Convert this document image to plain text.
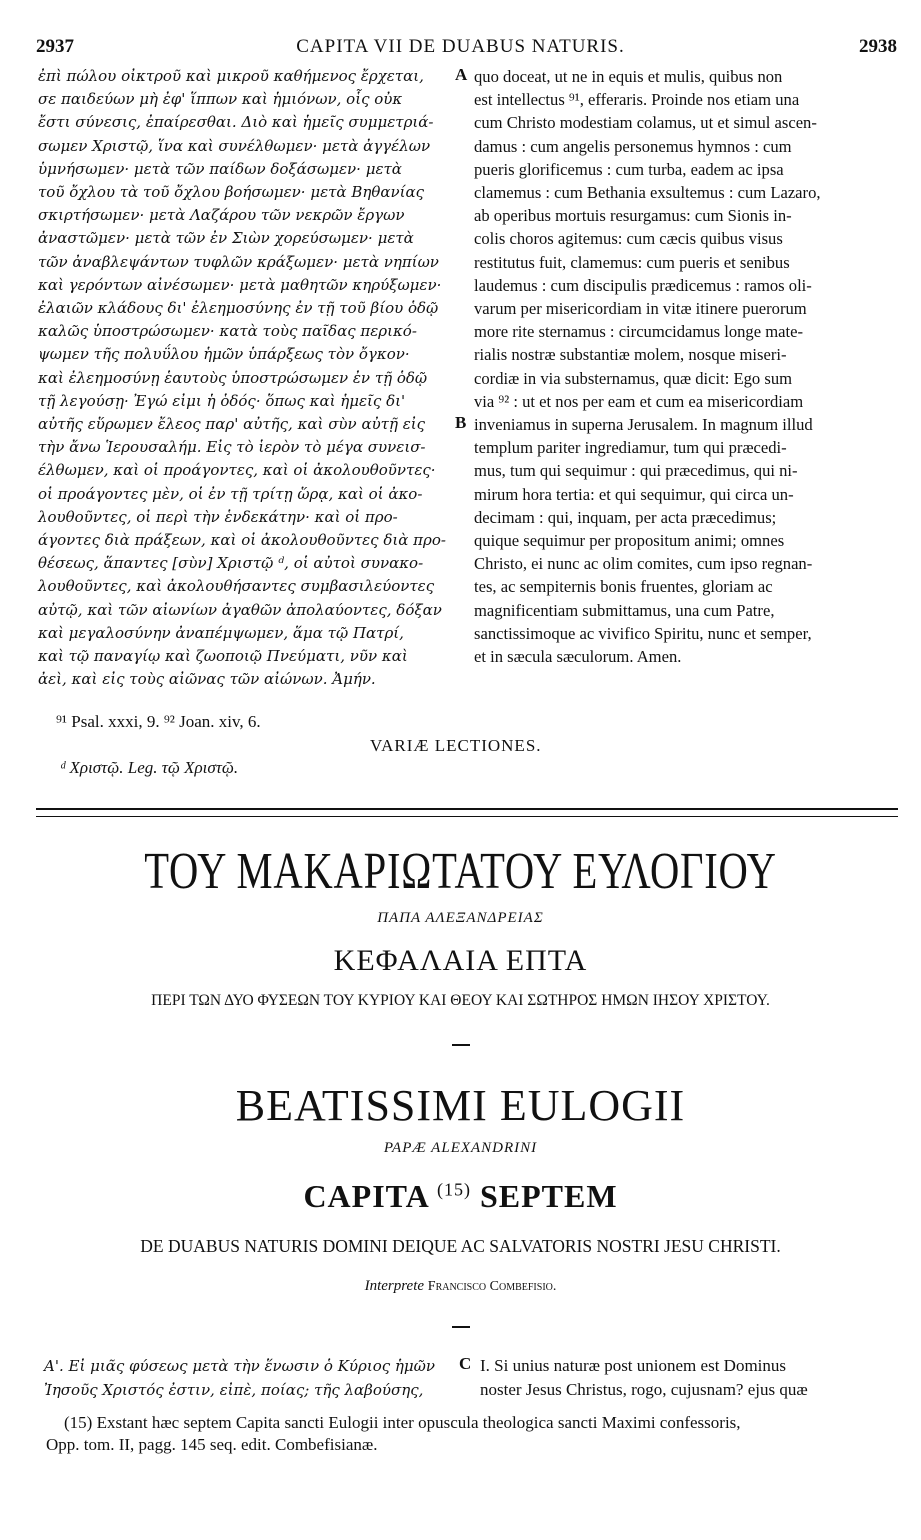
2937	CAPITA VII DE DUABUS NATURIS.	2938

ἐπὶ πώλου οἰκτροῦ καὶ μικροῦ καθήμενος ἔρχεται,

σε παιδεύων μὴ ἐφ' ἵππων καὶ ἡμιόνων, οἷς οὐκ

ἔστι σύνεσις, ἐπαίρεσθαι. Διὸ καὶ ἡμεῖς συμμετριά-

σωμεν Χριστῷ, ἵνα καὶ συνέλθωμεν· μετὰ ἀγγέλων

ὑμνήσωμεν· μετὰ τῶν παίδων δοξάσωμεν· μετὰ

τοῦ ὄχλου τὰ τοῦ ὄχλου βοήσωμεν· μετὰ Βηθανίας

σκιρτήσωμεν· μετὰ Λαζάρου τῶν νεκρῶν ἔργων

ἀναστῶμεν· μετὰ τῶν ἐν Σιὼν χορεύσωμεν· μετὰ

τῶν ἀναβλεψάντων τυφλῶν κράξωμεν· μετὰ νηπίων

καὶ γερόντων αἰνέσωμεν· μετὰ μαθητῶν κηρύξωμεν·

ἐλαιῶν κλάδους δι' ἐλεημοσύνης ἐν τῇ τοῦ βίου ὁδῷ

καλῶς ὑποστρώσωμεν· κατὰ τοὺς παῖδας περικό-

ψωμεν τῆς πολυΰλου ἡμῶν ὑπάρξεως τὸν ὄγκον·

καὶ ἐλεημοσύνῃ ἑαυτοὺς ὑποστρώσωμεν ἐν τῇ ὁδῷ

τῇ λεγούσῃ· Ἐγώ εἰμι ἡ ὁδός· ὅπως καὶ ἡμεῖς δι'

αὐτῆς εὕρωμεν ἔλεος παρ' αὐτῆς, καὶ σὺν αὐτῇ εἰς

τὴν ἄνω Ἱερουσαλήμ. Εἰς τὸ ἱερὸν τὸ μέγα συνεισ-

έλθωμεν, καὶ οἱ προάγοντες, καὶ οἱ ἀκολουθοῦντες·

οἱ προάγοντες μὲν, οἱ ἐν τῇ τρίτῃ ὥρᾳ, καὶ οἱ ἀκο-

λουθοῦντες, οἱ περὶ τὴν ἑνδεκάτην· καὶ οἱ προ-

άγοντες διὰ πράξεων, καὶ οἱ ἀκολουθοῦντες διὰ προ-

θέσεως, ἅπαντες [σὺν] Χριστῷ ᵈ, οἱ αὐτοὶ συνακο-

λουθοῦντες, καὶ ἀκολουθήσαντες συμβασιλεύοντες

αὐτῷ, καὶ τῶν αἰωνίων ἀγαθῶν ἀπολαύοντες, δόξαν

καὶ μεγαλοσύνην ἀναπέμψωμεν, ἅμα τῷ Πατρί,

καὶ τῷ παναγίῳ καὶ ζωοποιῷ Πνεύματι, νῦν καὶ

ἀεὶ, καὶ εἰς τοὺς αἰῶνας τῶν αἰώνων. Ἀμήν.

A
B

quo doceat, ut ne in equis et mulis, quibus non

est intellectus ⁹¹, efferaris. Proinde nos etiam una

cum Christo modestiam colamus, ut et simul ascen-

damus : cum angelis personemus hymnos : cum

pueris glorificemus : cum turba, eadem ac ipsa

clamemus : cum Bethania exsultemus : cum Lazaro,

ab operibus mortuis resurgamus: cum Sionis in-

colis choros agitemus: cum cæcis quibus visus

restitutus fuit, clamemus: cum pueris et senibus

laudemus : cum discipulis prædicemus : ramos oli-

varum per misericordiam in vitæ itinere puerorum

more rite sternamus : circumcidamus longe mate-

rialis nostræ substantiæ molem, nosque miseri-

cordiæ in via substernamus, quæ dicit: Ego sum

via ⁹² : ut et nos per eam et cum ea misericordiam

inveniamus in superna Jerusalem. In magnum illud

templum pariter ingrediamur, tum qui præcedi-

mus, tum qui sequimur : qui præcedimus, qui ni-

mirum hora tertia: et qui sequimur, qui circa un-

decimam : qui, inquam, per acta præcedimus;

quique sequimur per propositum animi; omnes

Christo, ei nunc ac olim comites, cum ipso regnan-

tes, ac sempiternis bonis fruentes, gloriam ac

magnificentiam submittamus, una cum Patre,

sanctissimoque ac vivifico Spiritu, nunc et semper,

et in sæcula sæculorum. Amen.

⁹¹ Psal. xxxi, 9. ⁹² Joan. xiv, 6.
VARIÆ LECTIONES.
ᵈ Χριστῷ. Leg. τῷ Χριστῷ.
ΤΟΥ ΜΑΚΑΡΙΩΤΑΤΟΥ ΕΥΛΟΓΙΟΥ
ΠΑΠΑ ΑΛΕΞΑΝΔΡΕΙΑΣ
ΚΕΦΑΛΑΙΑ ΕΠΤΑ
ΠΕΡΙ ΤΩΝ ΔΥΟ ΦΥΣΕΩΝ ΤΟΥ ΚΥΡΙΟΥ ΚΑΙ ΘΕΟΥ ΚΑΙ ΣΩΤΗΡΟΣ ΗΜΩΝ ΙΗΣΟΥ ΧΡΙΣΤΟΥ.
BEATISSIMI EULOGII
PAPÆ ALEXANDRINI
CAPITA $^{(15)}$ SEPTEM
DE DUABUS NATURIS DOMINI DEIQUE AC SALVATORIS NOSTRI JESU CHRISTI.
Interprete Francisco Combefisio.
Α'. Εἰ μιᾶς φύσεως μετὰ τὴν ἕνωσιν ὁ Κύριος ἡμῶν
Ἰησοῦς Χριστός ἐστιν, εἰπὲ, ποίας; τῆς λαβούσης,
C I. Si unius naturæ post unionem est Dominus
noster Jesus Christus, rogo, cujusnam? ejus quæ
(15) Exstant hæc septem Capita sancti Eulogii inter opuscula theologica sancti Maximi confessoris,
Opp. tom. II, pagg. 145 seq. edit. Combefisianæ.
